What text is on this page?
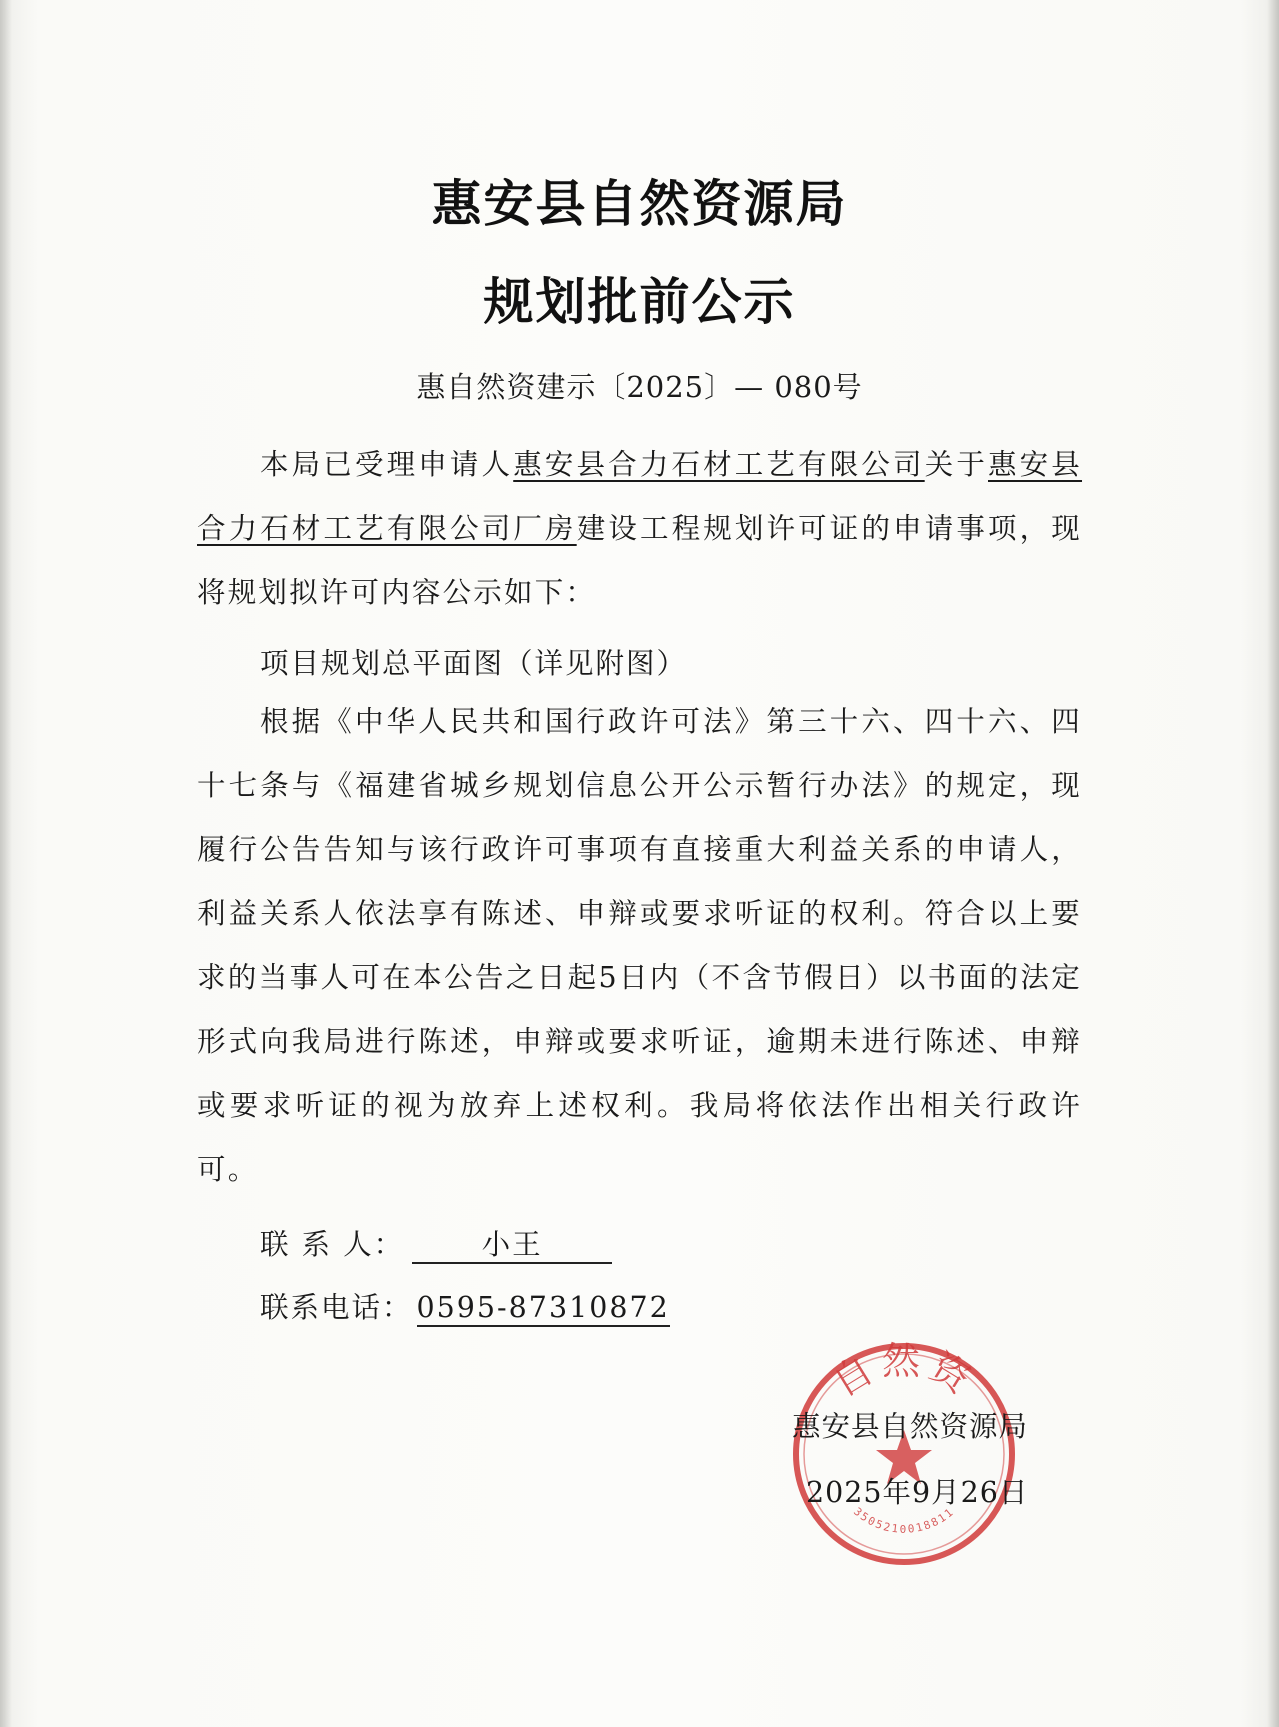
惠安县自然资源局
规划批前公示
惠自然资建示〔2025〕— 080号

本局已受理申请人惠安县合力石材工艺有限公司关于惠安县合力石材工艺有限公司厂房建设工程规划许可证的申请事项，现将规划拟许可内容公示如下：

项目规划总平面图（详见附图）

根据《中华人民共和国行政许可法》第三十六、四十六、四十七条与《福建省城乡规划信息公开公示暂行办法》的规定，现履行公告告知与该行政许可事项有直接重大利益关系的申请人，利益关系人依法享有陈述、申辩或要求听证的权利。符合以上要求的当事人可在本公告之日起5日内（不含节假日）以书面的法定形式向我局进行陈述，申辩或要求听证，逾期未进行陈述、申辩或要求听证的视为放弃上述权利。我局将依法作出相关行政许可。

联 系 人：	小王
联系电话： 0595-87310872
自然资
3505210018811
惠安县自然资源局
2025年9月26日
